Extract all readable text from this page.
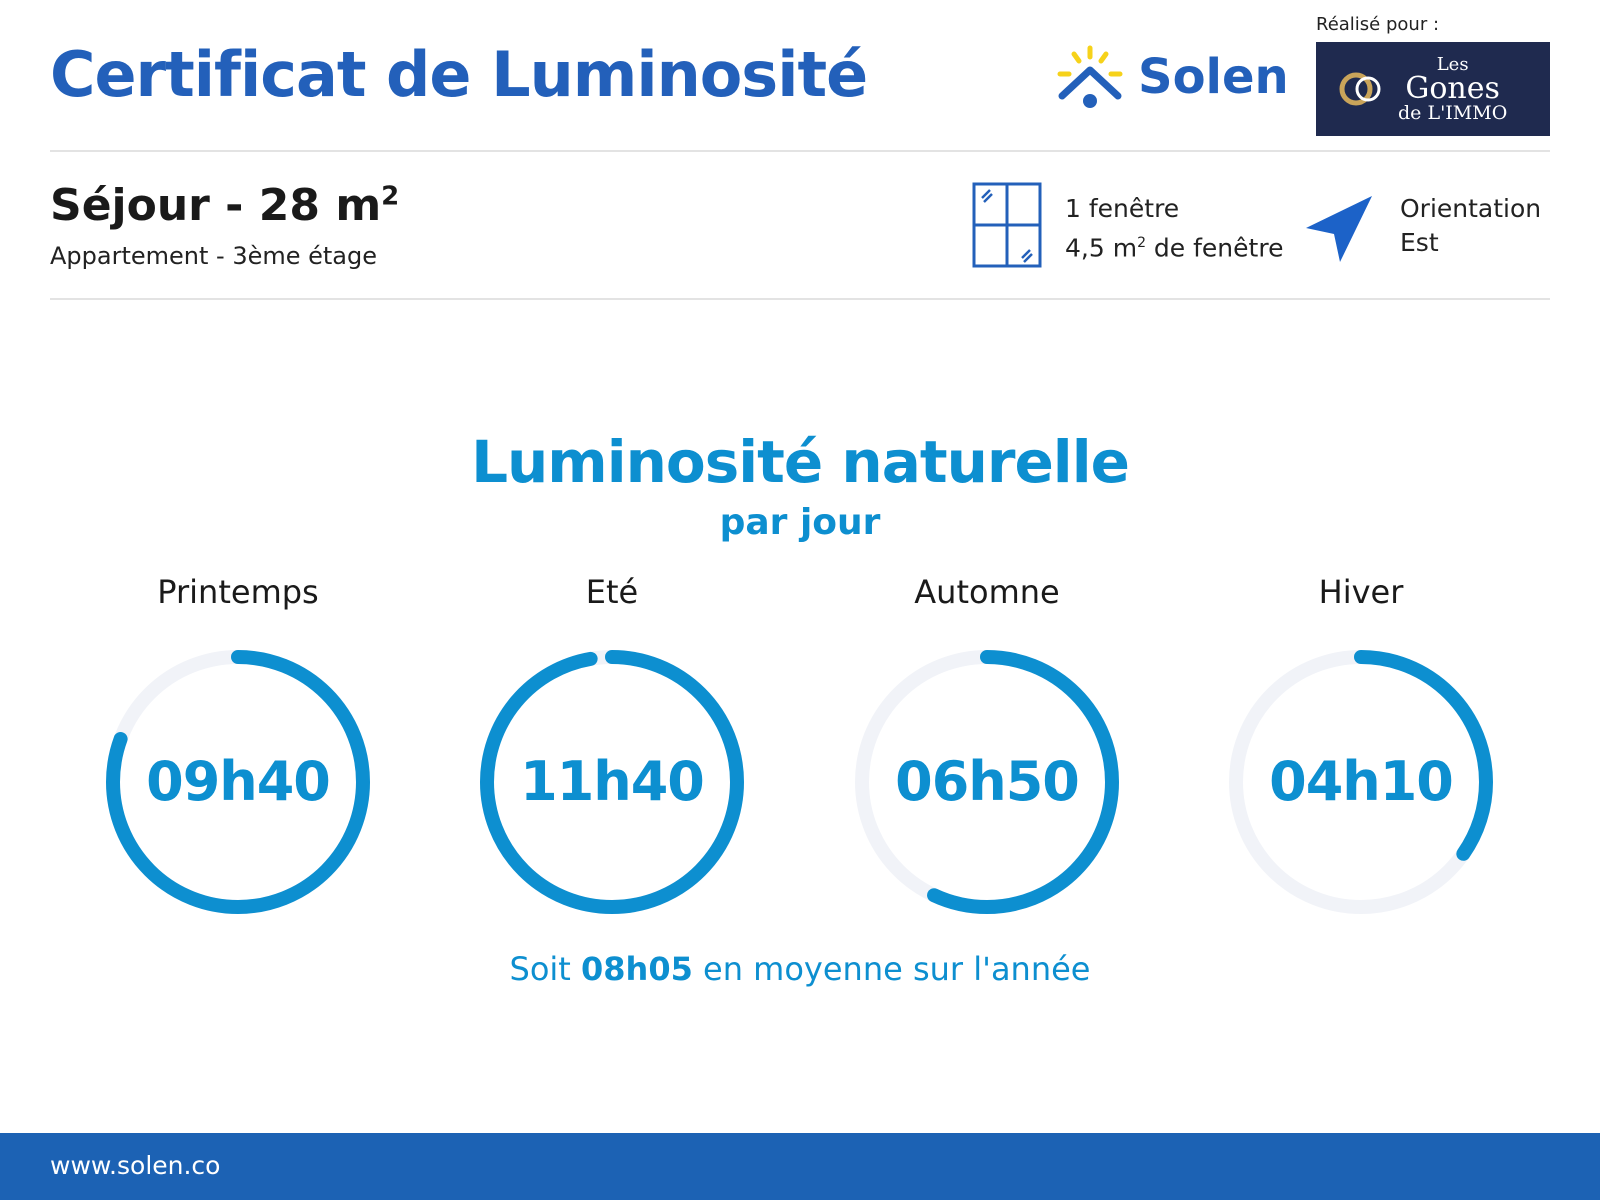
Certificat de Luminosité	Solen
Réalisé pour :
Les
Gones
de L'IMMO
Séjour - 28 $m^2$
Appartement - 3ème étage
1 fenêtre
4,5 $m^2$ de fenêtre
Orientation
Est
Luminosité naturelle
par jour
Printemps
09h40
Eté
11h40
Automne
06h50
Hiver
04h10
Soit 08h05 en moyenne sur l'année
www.solen.co
